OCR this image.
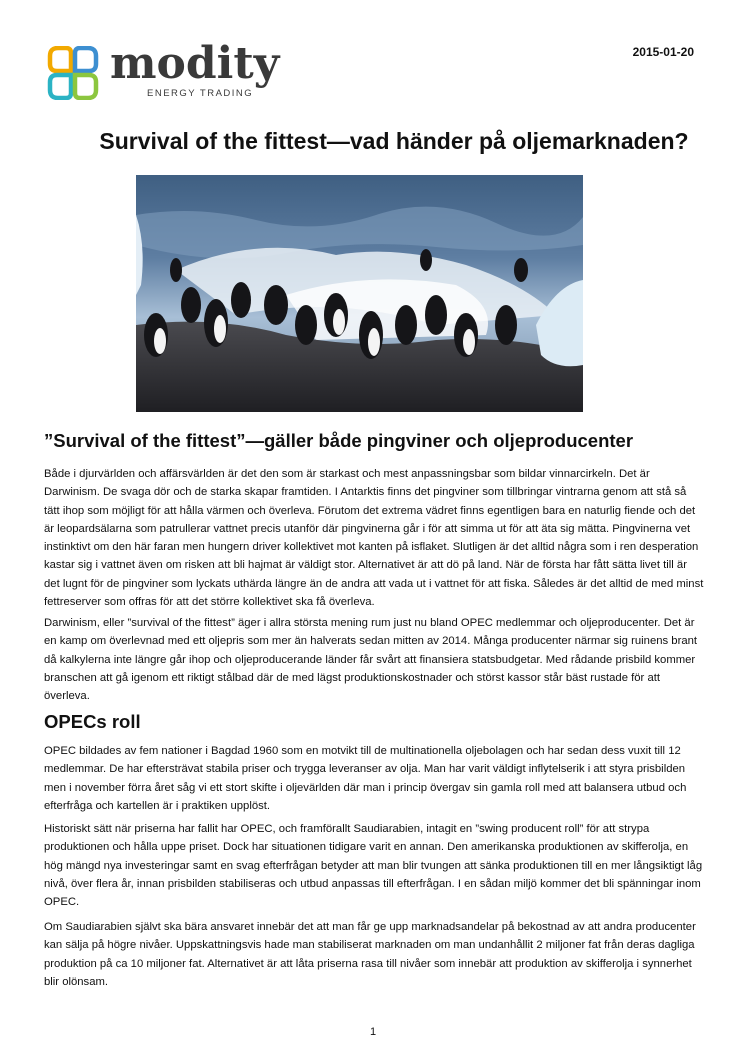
modity
ENERGY TRADING
2015-01-20
Survival of the fittest—vad händer på oljemarknaden?
”Survival of the fittest”—gäller både pingviner och oljeproducenter
Både i djurvärlden och affärsvärlden är det den som är starkast och mest anpassningsbar som bildar vinnarcirkeln. Det är Darwinism. De svaga dör och de starka skapar framtiden. I Antarktis finns det pingviner som tillbringar vintrarna genom att stå så tätt ihop som möjligt för att hålla värmen och överleva. Förutom det extrema vädret finns egentligen bara en naturlig fiende och det är leopardsälarna som patrullerar vattnet precis utanför där pingvinerna går i för att simma ut för att äta sig mätta. Pingvinerna vet instinktivt om den här faran men hungern driver kollektivet mot kanten på isflaket. Slutligen är det alltid några som i ren desperation kastar sig i vattnet även om risken att bli hajmat är väldigt stor. Alternativet är att dö på land. När de första har fått sätta livet till är det lugnt för de pingviner som lyckats uthärda längre än de andra att vada ut i vattnet för att fiska. Således är det alltid de med minst fettreserver som offras för att det större kollektivet ska få överleva.
Darwinism, eller ”survival of the fittest” äger i allra största mening rum just nu bland OPEC medlemmar och oljeproducenter. Det är en kamp om överlevnad med ett oljepris som mer än halverats sedan mitten av 2014. Många producenter närmar sig ruinens brant då kalkylerna inte längre går ihop och oljeproducerande länder får svårt att finansiera statsbudgetar. Med rådande prisbild kommer branschen att gå igenom ett riktigt stålbad där de med lägst produktionskostnader och störst kassor står bäst rustade för att överleva.
OPECs roll
OPEC bildades av fem nationer i Bagdad 1960 som en motvikt till de multinationella oljebolagen och har sedan dess vuxit till 12 medlemmar. De har eftersträvat stabila priser och trygga leveranser av olja. Man har varit väldigt inflytelserik i att styra prisbilden men i november förra året såg vi ett stort skifte i oljevärlden där man i princip övergav sin gamla roll med att balansera utbud och efterfråga och kartellen är i praktiken upplöst.
Historiskt sätt när priserna har fallit har OPEC, och framförallt Saudiarabien, intagit en ”swing producent roll” för att strypa produktionen och hålla uppe priset. Dock har situationen tidigare varit en annan. Den amerikanska produktionen av skifferolja, en hög mängd nya investeringar samt en svag efterfrågan betyder att man blir tvungen att sänka produktionen till en mer långsiktigt låg nivå, över flera år, innan prisbilden stabiliseras och utbud anpassas till efterfrågan. I en sådan miljö kommer det bli spänningar inom OPEC.
Om Saudiarabien självt ska bära ansvaret innebär det att man får ge upp marknadsandelar på bekostnad av att andra producenter kan sälja på högre nivåer. Uppskattningsvis hade man stabiliserat marknaden om man undanhållit 2 miljoner fat från deras dagliga produktion på ca 10 miljoner fat. Alternativet är att låta priserna rasa till nivåer som innebär att produktion av skifferolja i synnerhet blir olönsam.
1
